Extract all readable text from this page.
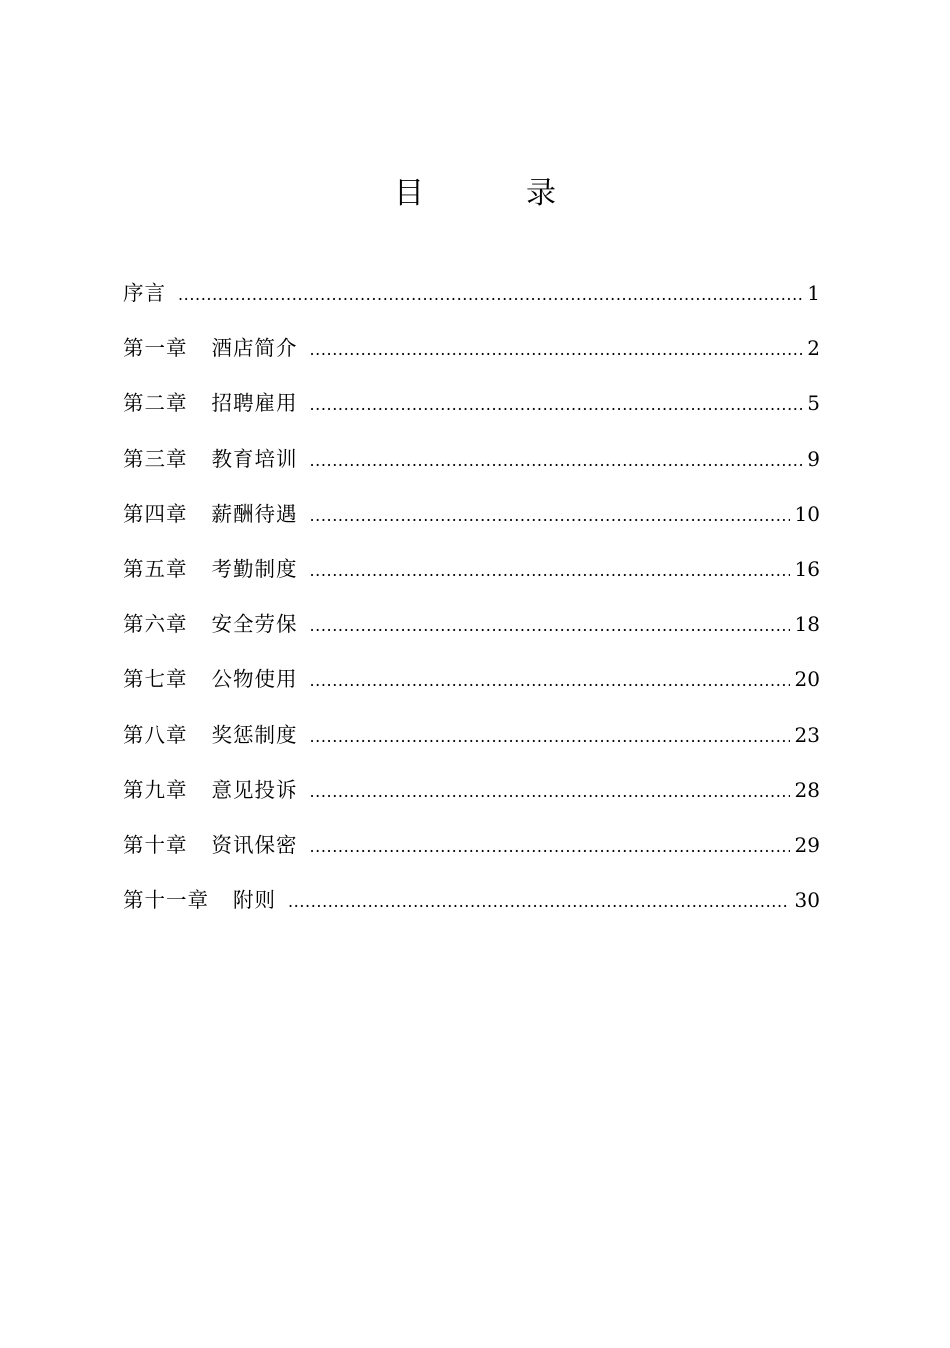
目　录
序言 .....	1
第一章 酒店简介 .....	2
第二章 招聘雇用 .....	5
第三章 教育培训 .....	9
第四章 薪酬待遇 .....	10
第五章 考勤制度 .....	16
第六章 安全劳保 .....	18
第七章 公物使用 .....	20
第八章 奖惩制度 .....	23
第九章 意见投诉 .....	28
第十章 资讯保密 .....	29
第十一章 附则 .....	30
